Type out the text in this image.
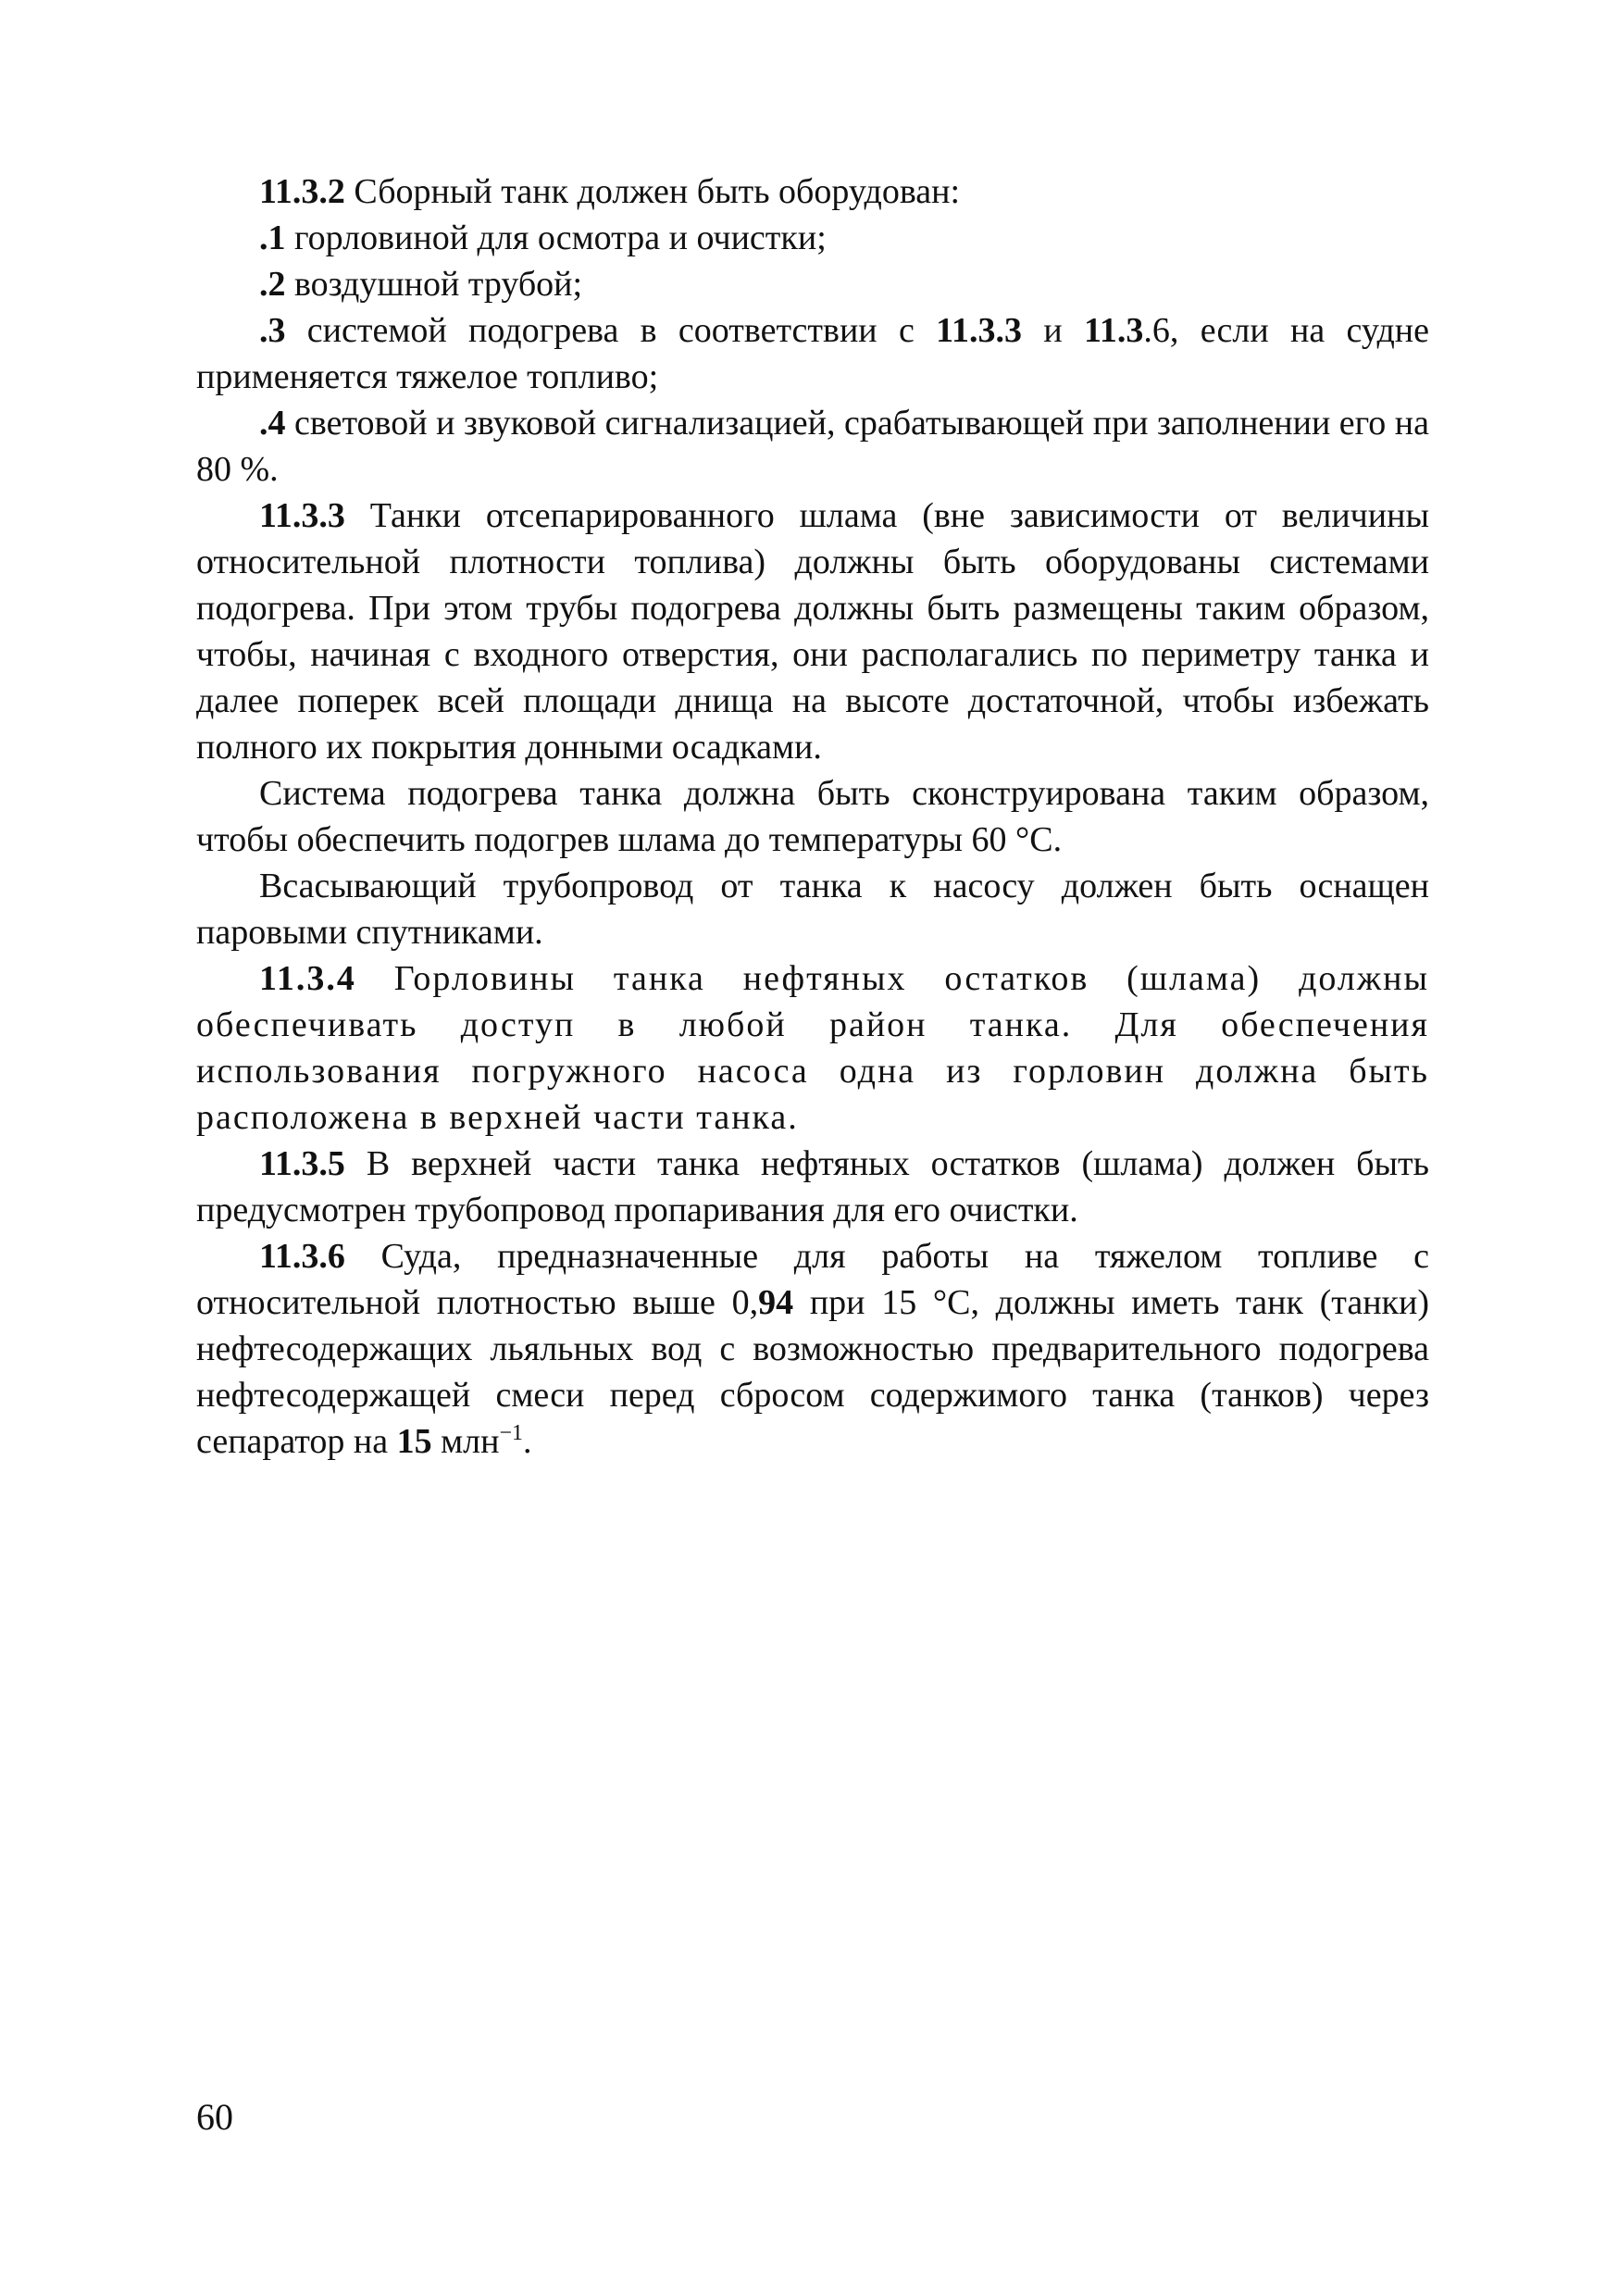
11.3.2 Сборный танк должен быть оборудован:

.1 горловиной для осмотра и очистки;

.2 воздушной трубой;

.3 системой подогрева в соответствии с 11.3.3 и 11.3.6, если на судне применяется тяжелое топливо;

.4 световой и звуковой сигнализацией, срабатывающей при заполнении его на 80 %.

11.3.3 Танки отсепарированного шлама (вне зависимости от величины относительной плотности топлива) должны быть оборудованы системами подогрева. При этом трубы подогрева должны быть размещены таким образом, чтобы, начиная с входного отверстия, они располагались по периметру танка и далее поперек всей площади днища на высоте достаточной, чтобы избежать полного их покрытия донными осадками.

Система подогрева танка должна быть сконструирована таким образом, чтобы обеспечить подогрев шлама до температуры 60 °С.

Всасывающий трубопровод от танка к насосу должен быть оснащен паровыми спутниками.

11.3.4 Горловины танка нефтяных остатков (шлама) должны обеспечивать доступ в любой район танка. Для обеспечения использования погружного насоса одна из горловин должна быть расположена в верхней части танка.

11.3.5 В верхней части танка нефтяных остатков (шлама) должен быть предусмотрен трубопровод пропаривания для его очистки.

11.3.6 Суда, предназначенные для работы на тяжелом топливе с относительной плотностью выше 0,94 при 15 °С, должны иметь танк (танки) нефтесодержащих льяльных вод с возможностью предварительного подогрева нефтесодержащей смеси перед сбросом содержимого танка (танков) через сепаратор на 15 млн$^{-1}$.

60
